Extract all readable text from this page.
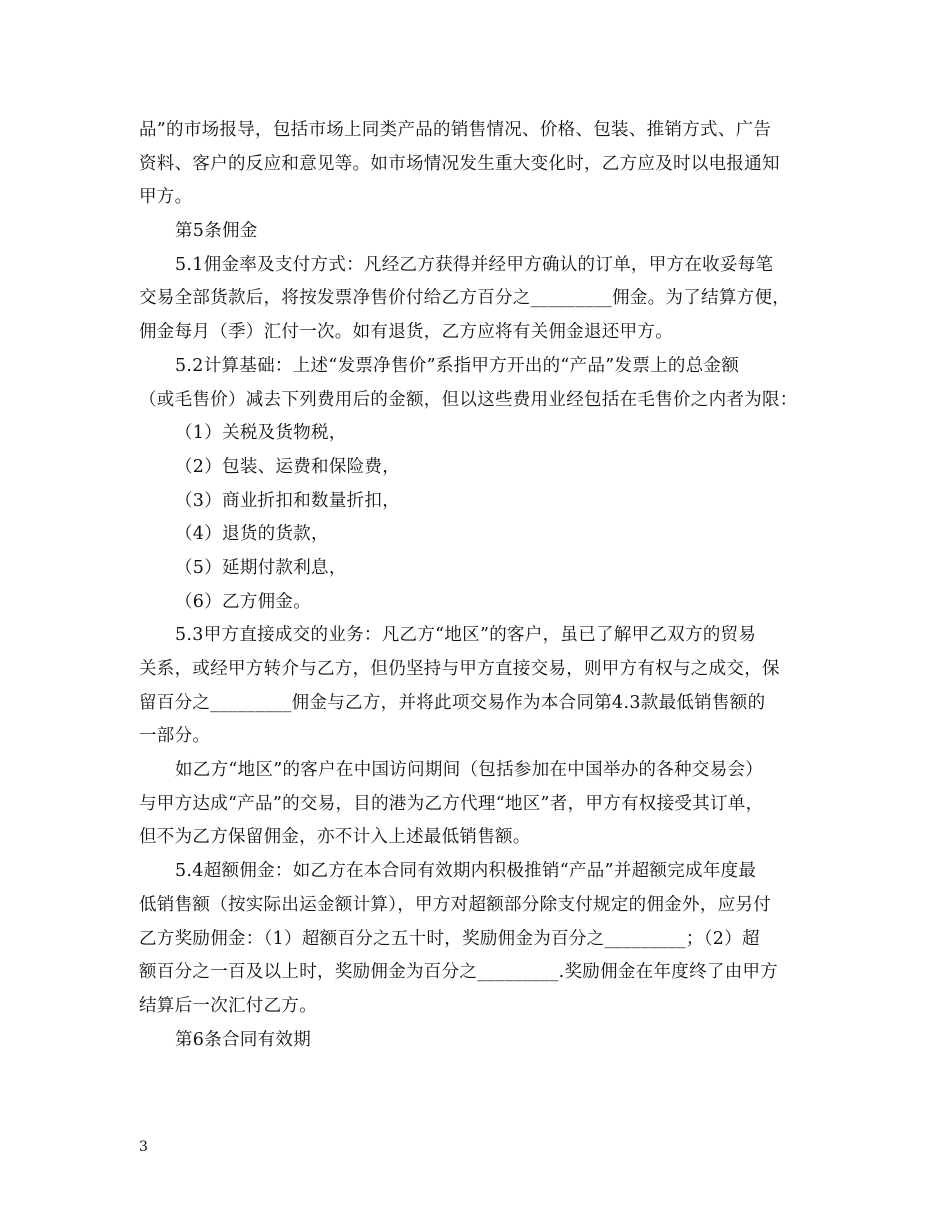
品”的市场报导，包括市场上同类产品的销售情况、价格、包装、推销方式、广告
资料、客户的反应和意见等。如市场情况发生重大变化时，乙方应及时以电报通知
甲方。
第5条佣金
5.1佣金率及支付方式：凡经乙方获得并经甲方确认的订单，甲方在收妥每笔
交易全部货款后，将按发票净售价付给乙方百分之_________佣金。为了结算方便，
佣金每月（季）汇付一次。如有退货，乙方应将有关佣金退还甲方。
5.2计算基础：上述“发票净售价”系指甲方开出的“产品”发票上的总金额
（或毛售价）减去下列费用后的金额，但以这些费用业经包括在毛售价之内者为限：
（1）关税及货物税，
（2）包装、运费和保险费，
（3）商业折扣和数量折扣，
（4）退货的货款，
（5）延期付款利息，
（6）乙方佣金。
5.3甲方直接成交的业务：凡乙方“地区”的客户，虽已了解甲乙双方的贸易
关系，或经甲方转介与乙方，但仍坚持与甲方直接交易，则甲方有权与之成交，保
留百分之_________佣金与乙方，并将此项交易作为本合同第4.3款最低销售额的
一部分。
如乙方“地区”的客户在中国访问期间（包括参加在中国举办的各种交易会）
与甲方达成“产品”的交易，目的港为乙方代理“地区”者，甲方有权接受其订单，
但不为乙方保留佣金，亦不计入上述最低销售额。
5.4超额佣金：如乙方在本合同有效期内积极推销“产品”并超额完成年度最
低销售额（按实际出运金额计算），甲方对超额部分除支付规定的佣金外，应另付
乙方奖励佣金：（1）超额百分之五十时，奖励佣金为百分之_________；（2）超
额百分之一百及以上时，奖励佣金为百分之_________.奖励佣金在年度终了由甲方
结算后一次汇付乙方。
第6条合同有效期
3
